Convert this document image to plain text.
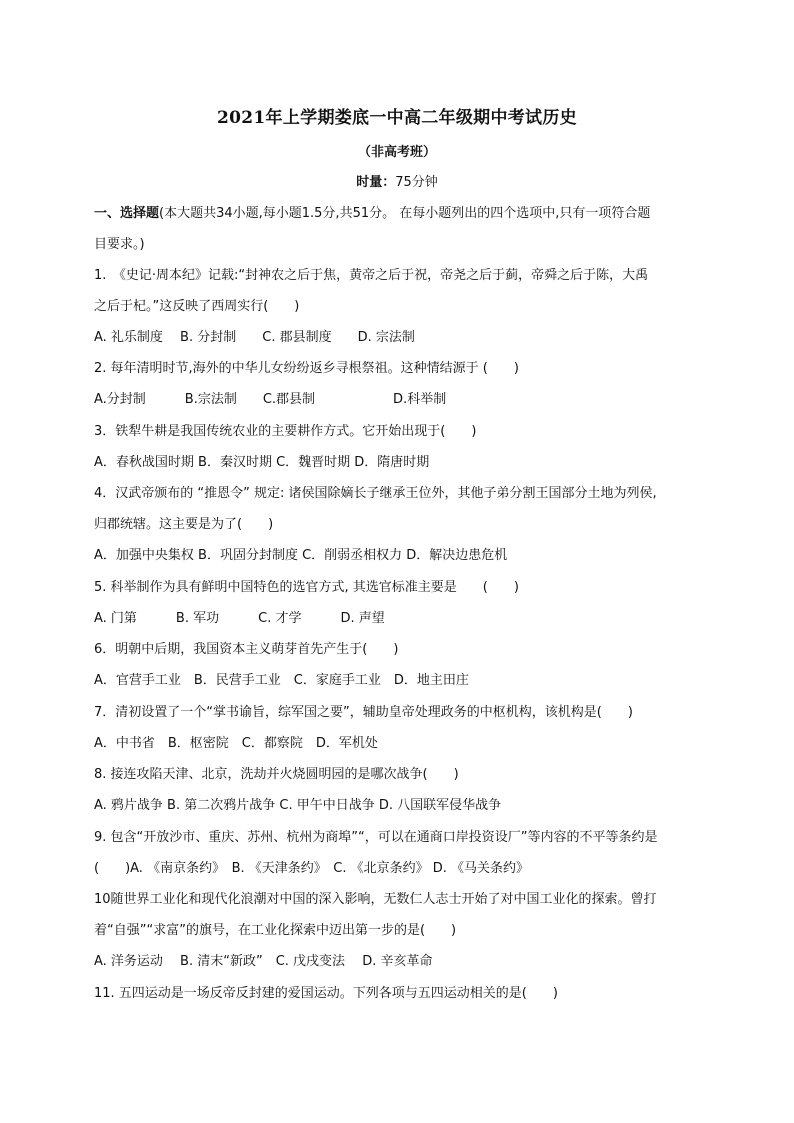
2021年上学期娄底一中高二年级期中考试历史
（非高考班）
时量：75分钟
一、选择题(本大题共34小题,每小题1.5分,共51分。 在每小题列出的四个选项中,只有一项符合题
目要求。)
1.　《史记·周本纪》记载:“封神农之后于焦，黄帝之后于祝，帝尧之后于蓟，帝舜之后于陈，大禹
之后于杞。”这反映了西周实行(　　)
A. 礼乐制度　 B. 分封制　　C. 郡县制度　　D. 宗法制
2. 每年清明时节,海外的中华儿女纷纷返乡寻根祭祖。这种情结源于 (　　)
A.分封制　　　B.宗法制　　C.郡县制　　　　　　D.科举制
3．铁犁牛耕是我国传统农业的主要耕作方式。它开始出现于(　　)
A．春秋战国时期 B．秦汉时期 C．魏晋时期 D．隋唐时期
4．汉武帝颁布的 “推恩令” 规定: 诸侯国除嫡长子继承王位外，其他子弟分割王国部分土地为列侯,
归郡统辖。这主要是为了(　　)
A．加强中央集权 B．巩固分封制度 C．削弱丞相权力 D．解决边患危机
5. 科举制作为具有鲜明中国特色的选官方式, 其选官标准主要是　　(　　)
A. 门第　　　B. 军功　　　C. 才学　　　D. 声望
6．明朝中后期，我国资本主义萌芽首先产生于(　　)
A．官营手工业　B．民营手工业　C．家庭手工业　D．地主田庄
7．清初设置了一个“掌书谕旨，综军国之要”，辅助皇帝处理政务的中枢机构，该机构是(　　)
A．中书省　B．枢密院　C．都察院　D．军机处
8. 接连攻陷天津、北京，洗劫并火烧圆明园的是哪次战争(　　)
A. 鸦片战争 B. 第二次鸦片战争 C. 甲午中日战争 D. 八国联军侵华战争
9. 包含“开放沙市、重庆、苏州、杭州为商埠”“，可以在通商口岸投资设厂”等内容的不平等条约是
(　　)A. 《南京条约》　B. 《天津条约》　C. 《北京条约》 D. 《马关条约》
10随世界工业化和现代化浪潮对中国的深入影响，无数仁人志士开始了对中国工业化的探索。曾打
着“自强”“求富”的旗号，在工业化探索中迈出第一步的是(　　)
A. 洋务运动　 B. 清末“新政”　C. 戊戌变法　 D. 辛亥革命
11. 五四运动是一场反帝反封建的爱国运动。下列各项与五四运动相关的是(　　)
